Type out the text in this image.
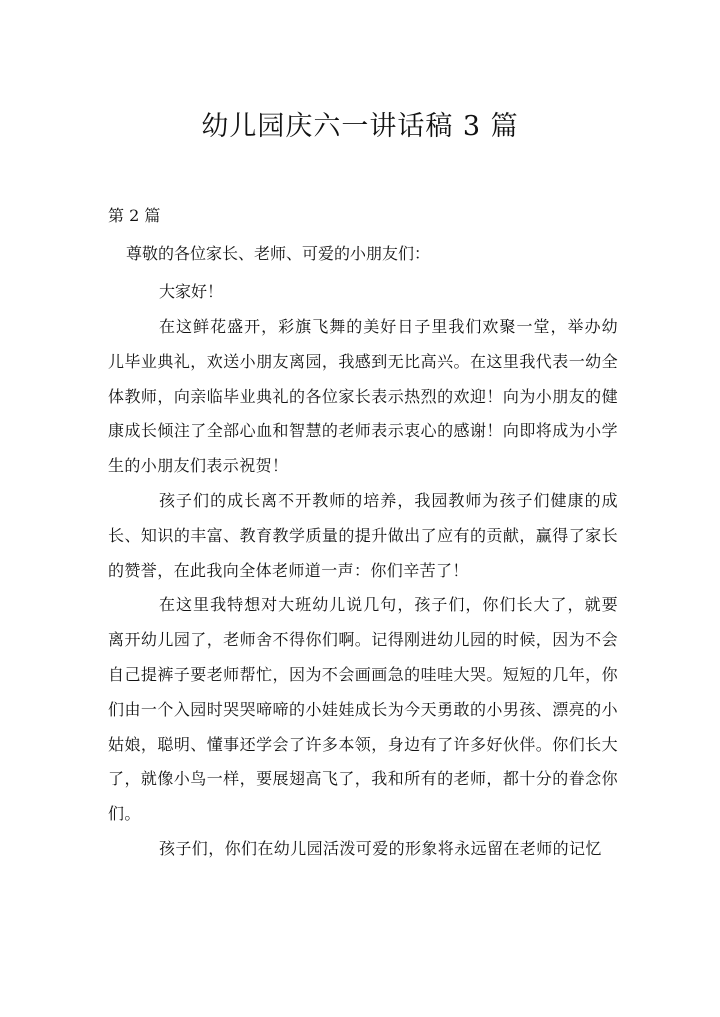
幼儿园庆六一讲话稿 3 篇

第 2 篇

尊敬的各位家长、老师、可爱的小朋友们：

大家好！

在这鲜花盛开，彩旗飞舞的美好日子里我们欢聚一堂，举办幼儿毕业典礼，欢送小朋友离园，我感到无比高兴。在这里我代表一幼全体教师，向亲临毕业典礼的各位家长表示热烈的欢迎！向为小朋友的健康成长倾注了全部心血和智慧的老师表示衷心的感谢！向即将成为小学生的小朋友们表示祝贺！

孩子们的成长离不开教师的培养，我园教师为孩子们健康的成长、知识的丰富、教育教学质量的提升做出了应有的贡献，赢得了家长的赞誉，在此我向全体老师道一声：你们辛苦了！

在这里我特想对大班幼儿说几句，孩子们，你们长大了，就要离开幼儿园了，老师舍不得你们啊。记得刚进幼儿园的时候，因为不会自己提裤子要老师帮忙，因为不会画画急的哇哇大哭。短短的几年，你们由一个入园时哭哭啼啼的小娃娃成长为今天勇敢的小男孩、漂亮的小姑娘，聪明、懂事还学会了许多本领，身边有了许多好伙伴。你们长大了，就像小鸟一样，要展翅高飞了，我和所有的老师，都十分的眷念你们。

孩子们，你们在幼儿园活泼可爱的形象将永远留在老师的记忆
